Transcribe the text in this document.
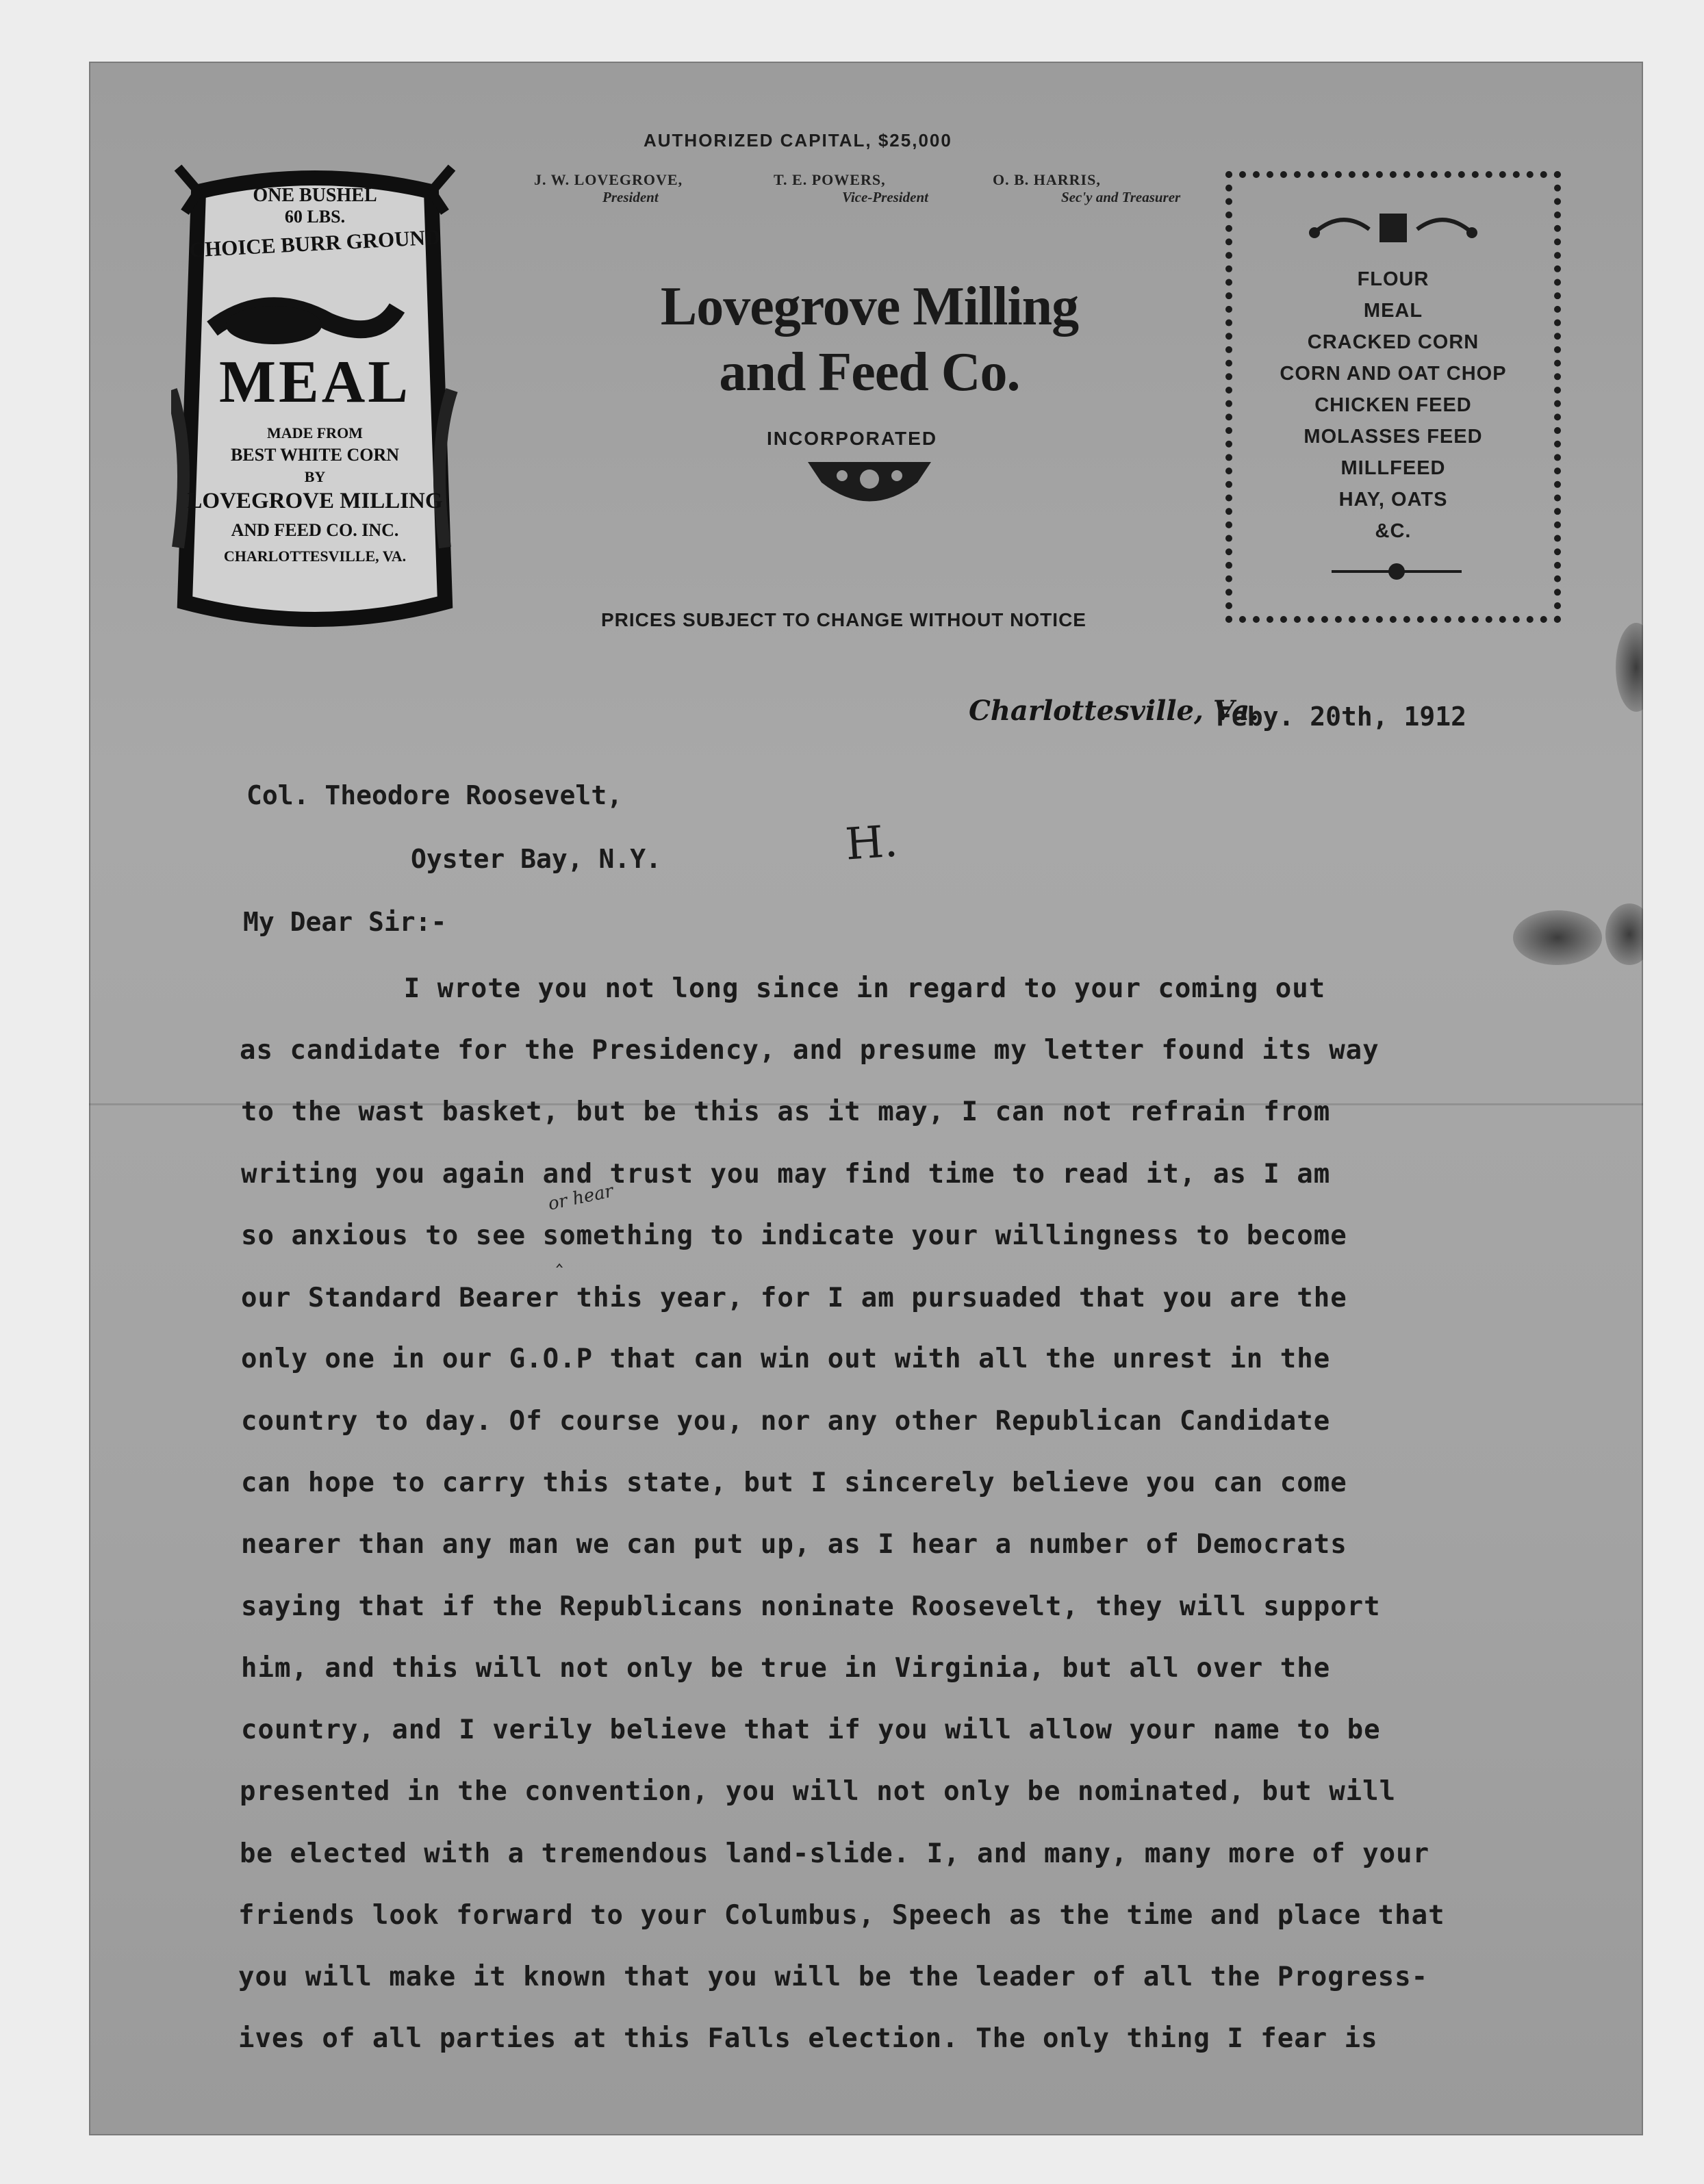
AUTHORIZED CAPITAL, $25,000
J. W. LOVEGROVE,
President
T. E. POWERS,
Vice-President
O. B. HARRIS,
Sec'y and Treasurer
Lovegrove Milling
and Feed Co.
INCORPORATED
PRICES SUBJECT TO CHANGE WITHOUT NOTICE
ONE BUSHEL
60 LBS.
CHOICE BURR GROUND
MEAL
MADE FROM
BEST WHITE CORN
BY
LOVEGROVE MILLING
AND FEED CO. INC.
CHARLOTTESVILLE, VA.
FLOUR
MEAL
CRACKED CORN
CORN AND OAT CHOP
CHICKEN FEED
MOLASSES FEED
MILLFEED
HAY, OATS
&C.
Charlottesville, Va.
Feby. 20th, 1912
Col. Theodore Roosevelt,
Oyster Bay, N.Y.	H.
My Dear Sir:-
or hear
‸
I wrote you not long since in regard to your coming out
as candidate for the Presidency, and presume my letter found its way
to the wast basket, but be this as it may, I can not refrain from
writing you again and trust you may find time to read it, as I am
so anxious to see something to indicate your willingness to become
our Standard Bearer this year, for I am pursuaded that you are the
only one in our G.O.P that can win out with all the unrest in the
country to day. Of course you, nor any other Republican Candidate
can hope to carry this state, but I sincerely believe you can come
nearer than any man we can put up, as I hear a number of Democrats
saying that if the Republicans noninate Roosevelt, they will support
him, and this will not only be true in Virginia, but all over the
country, and I verily believe that if you will allow your name to be
presented in the convention, you will not only be nominated, but will
be elected with a tremendous land-slide. I, and many, many more of your
friends look forward to your Columbus, Speech as the time and place that
you will make it known that you will be the leader of all the Progress-
ives of all parties at this Falls election. The only thing I fear is
